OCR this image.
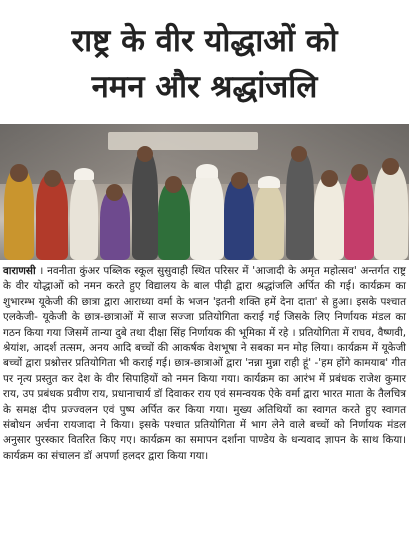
राष्ट्र के वीर योद्धाओं को
नमन और श्रद्धांजलि
वाराणसी । नवनीता कुंअर पब्लिक स्कूल सुसुवाही स्थित परिसर में 'आजादी के अमृत महोत्सव' अन्तर्गत राष्ट्र के वीर योद्धाओं को नमन करते हुए विद्यालय के बाल पीढ़ी द्वारा श्रद्धांजलि अर्पित की गई। कार्यक्रम का शुभारम्भ यूकेजी की छात्रा द्वारा आराध्या वर्मा के भजन 'इतनी शक्ति हमें देना दाता' से हुआ। इसके पश्चात एलकेजी- यूकेजी के छात्र-छात्राओं में साज सज्जा प्रतियोगिता कराई गई जिसके लिए निर्णायक मंडल का गठन किया गया जिसमें तान्या दुबे तथा दीक्षा सिंह निर्णायक की भूमिका में रहे । प्रतियोगिता में राघव, वैष्णवी, श्रेयांश, आदर्श तत्सम, अनय आदि बच्चों की आकर्षक वेशभूषा ने सबका मन मोह लिया। कार्यक्रम में यूकेजी बच्चों द्वारा प्रश्नोत्तर प्रतियोगिता भी कराई गई। छात्र-छात्राओं द्वारा 'नन्ना मुन्ना राही हूं' -'हम होंगे कामयाब' गीत पर नृत्य प्रस्तुत कर देश के वीर सिपाहियों को नमन किया गया। कार्यक्रम का आरंभ में प्रबंधक राजेश कुमार राय, उप प्रबंधक प्रवीण राय, प्रधानाचार्य डॉ दिवाकर राय एवं समन्वयक ऐके वर्मा द्वारा भारत माता के तैलचित्र के समक्ष दीप प्रज्ज्वलन एवं पुष्प अर्पित कर किया गया। मुख्य अतिथियों का स्वागत करते हुए स्वागत संबोधन अर्चना रायजादा ने किया। इसके पश्चात प्रतियोगिता में भाग लेने वाले बच्चों को निर्णायक मंडल अनुसार पुरस्कार वितरित किए गए। कार्यक्रम का समापन दर्शाना पाण्डेय के धन्यवाद ज्ञापन के साथ किया। कार्यक्रम का संचालन डॉ अपर्णा हलदर द्वारा किया गया।
